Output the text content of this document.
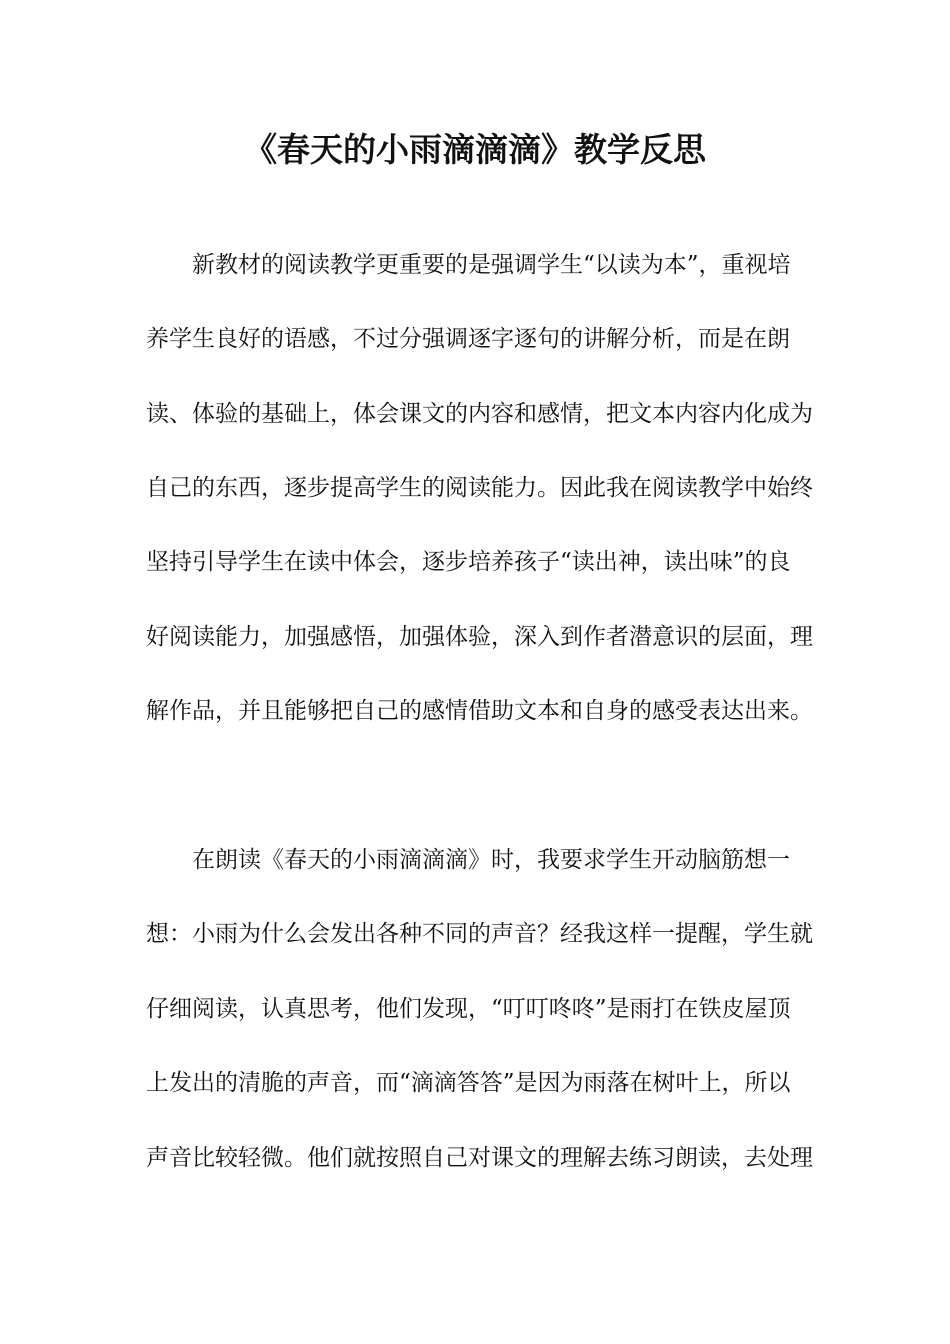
《春天的小雨滴滴滴》教学反思
新教材的阅读教学更重要的是强调学生“以读为本”，重视培
养学生良好的语感，不过分强调逐字逐句的讲解分析，而是在朗
读、体验的基础上，体会课文的内容和感情，把文本内容内化成为
自己的东西，逐步提高学生的阅读能力。因此我在阅读教学中始终
坚持引导学生在读中体会，逐步培养孩子“读出神，读出味”的良
好阅读能力，加强感悟，加强体验，深入到作者潜意识的层面，理
解作品，并且能够把自己的感情借助文本和自身的感受表达出来。
在朗读《春天的小雨滴滴滴》时，我要求学生开动脑筋想一
想：小雨为什么会发出各种不同的声音？经我这样一提醒，学生就
仔细阅读，认真思考，他们发现，“叮叮咚咚”是雨打在铁皮屋顶
上发出的清脆的声音，而“滴滴答答”是因为雨落在树叶上，所以
声音比较轻微。他们就按照自己对课文的理解去练习朗读，去处理
